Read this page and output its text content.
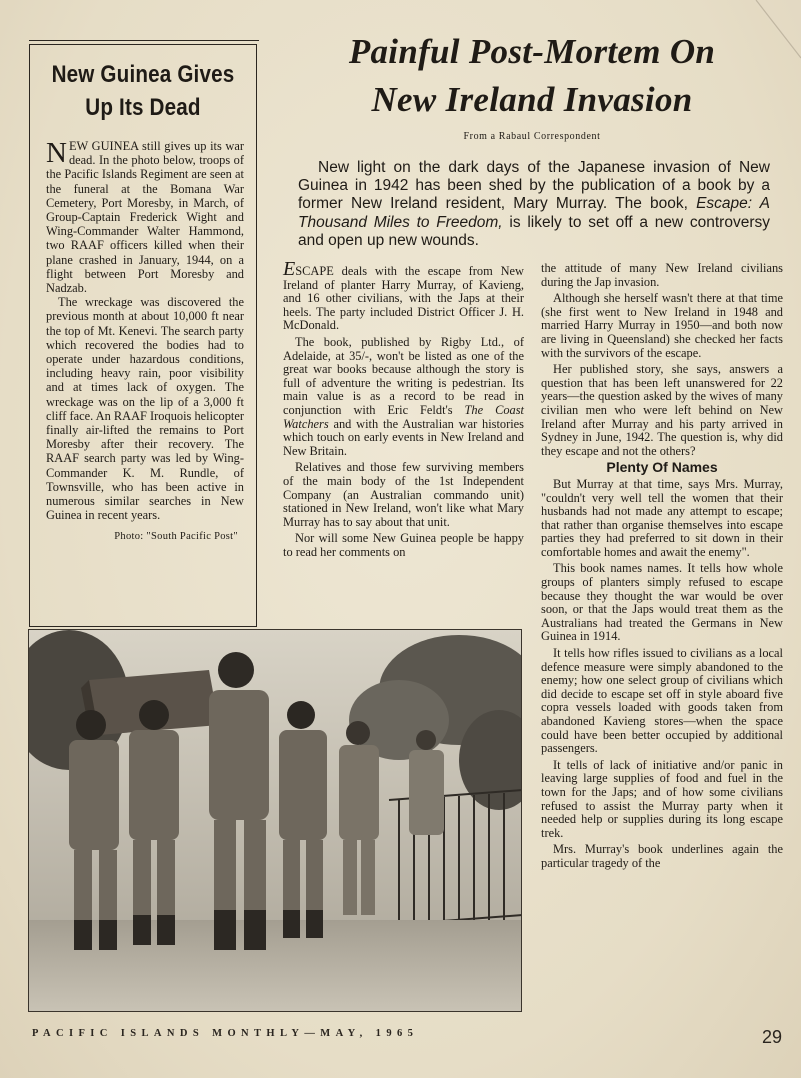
New Guinea Gives Up Its Dead

NEW GUINEA still gives up its war dead. In the photo below, troops of the Pacific Islands Regiment are seen at the funeral at the Bomana War Cemetery, Port Moresby, in March, of Group-Captain Frederick Wight and Wing-Commander Walter Hammond, two RAAF officers killed when their plane crashed in January, 1944, on a flight between Port Moresby and Nadzab.

The wreckage was discovered the previous month at about 10,000 ft near the top of Mt. Kenevi. The search party which recovered the bodies had to operate under hazardous conditions, including heavy rain, poor visibility and at times lack of oxygen. The wreckage was on the lip of a 3,000 ft cliff face. An RAAF Iroquois helicopter finally air-lifted the remains to Port Moresby after their recovery. The RAAF search party was led by Wing-Commander K. M. Rundle, of Townsville, who has been active in numerous similar searches in New Guinea in recent years.

Photo: "South Pacific Post"
Painful Post-Mortem On
New Ireland Invasion
From a Rabaul Correspondent

New light on the dark days of the Japanese invasion of New Guinea in 1942 has been shed by the publication of a book by a former New Ireland resident, Mary Murray. The book, Escape: A Thousand Miles to Freedom, is likely to set off a new controversy and open up new wounds.

ESCAPE deals with the escape from New Ireland of planter Harry Murray, of Kavieng, and 16 other civilians, with the Japs at their heels. The party included District Officer J. H. McDonald.

The book, published by Rigby Ltd., of Adelaide, at 35/-, won't be listed as one of the great war books because although the story is full of adventure the writing is pedestrian. Its main value is as a record to be read in conjunction with Eric Feldt's The Coast Watchers and with the Australian war histories which touch on early events in New Ireland and New Britain.

Relatives and those few surviving members of the main body of the 1st Independent Company (an Australian commando unit) stationed in New Ireland, won't like what Mary Murray has to say about that unit.

Nor will some New Guinea people be happy to read her comments on

the attitude of many New Ireland civilians during the Jap invasion.

Although she herself wasn't there at that time (she first went to New Ireland in 1948 and married Harry Murray in 1950—and both now are living in Queensland) she checked her facts with the survivors of the escape.

Her published story, she says, answers a question that has been left unanswered for 22 years—the question asked by the wives of many civilian men who were left behind on New Ireland after Murray and his party arrived in Sydney in June, 1942. The question is, why did they escape and not the others?

Plenty Of Names

But Murray at that time, says Mrs. Murray, "couldn't very well tell the women that their husbands had not made any attempt to escape; that rather than organise themselves into escape parties they had preferred to sit down in their comfortable homes and await the enemy".

This book names names. It tells how whole groups of planters simply refused to escape because they thought the war would be over soon, or that the Japs would treat them as the Australians had treated the Germans in New Guinea in 1914.

It tells how rifles issued to civilians as a local defence measure were simply abandoned to the enemy; how one select group of civilians which did decide to escape set off in style aboard five copra vessels loaded with goods taken from abandoned Kavieng stores—when the space could have been better occupied by additional passengers.

It tells of lack of initiative and/or panic in leaving large supplies of food and fuel in the town for the Japs; and of how some civilians refused to assist the Murray party when it needed help or supplies during its long escape trek.

Mrs. Murray's book underlines again the particular tragedy of the

PACIFIC ISLANDS MONTHLY—MAY, 1965	29
